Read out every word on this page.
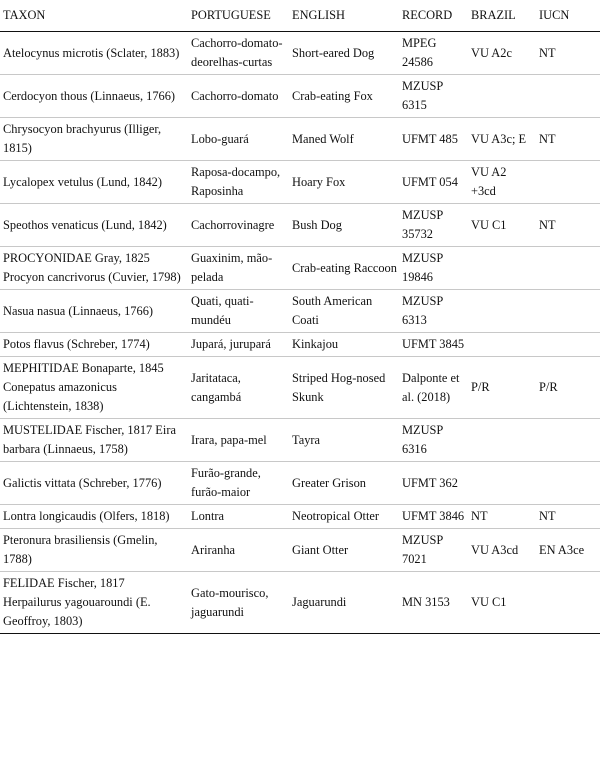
TAXON	PORTUGUESE	ENGLISH	RECORD	BRAZIL	IUCN
Atelocynus microtis (Sclater, 1883)	Cachorro-domato-deorelhas-curtas	Short-eared Dog	MPEG 24586	VU A2c	NT
Cerdocyon thous (Linnaeus, 1766)	Cachorro-domato	Crab-eating Fox	MZUSP 6315		
Chrysocyon brachyurus (Illiger, 1815)	Lobo-guará	Maned Wolf	UFMT 485	VU A3c; E	NT
Lycalopex vetulus (Lund, 1842)	Raposa-docampo, Raposinha	Hoary Fox	UFMT 054	VU A2 +3cd	
Speothos venaticus (Lund, 1842)	Cachorrovinagre	Bush Dog	MZUSP 35732	VU C1	NT
PROCYONIDAE Gray, 1825 Procyon cancrivorus (Cuvier, 1798)	Guaxinim, mão-pelada	Crab-eating Raccoon	MZUSP 19846		
Nasua nasua (Linnaeus, 1766)	Quati, quati-mundéu	South American Coati	MZUSP 6313		
Potos flavus (Schreber, 1774)	Jupará, jurupará	Kinkajou	UFMT 3845		
MEPHITIDAE Bonaparte, 1845 Conepatus amazonicus (Lichtenstein, 1838)	Jaritataca, cangambá	Striped Hog-nosed Skunk	Dalponte et al. (2018)	P/R	P/R
MUSTELIDAE Fischer, 1817 Eira barbara (Linnaeus, 1758)	Irara, papa-mel	Tayra	MZUSP 6316		
Galictis vittata (Schreber, 1776)	Furão-grande, furão-maior	Greater Grison	UFMT 362		
Lontra longicaudis (Olfers, 1818)	Lontra	Neotropical Otter	UFMT 3846	NT	NT
Pteronura brasiliensis (Gmelin, 1788)	Ariranha	Giant Otter	MZUSP 7021	VU A3cd	EN A3ce
FELIDAE Fischer, 1817 Herpailurus yagouaroundi (E. Geoffroy, 1803)	Gato-mourisco, jaguarundi	Jaguarundi	MN 3153	VU C1	
